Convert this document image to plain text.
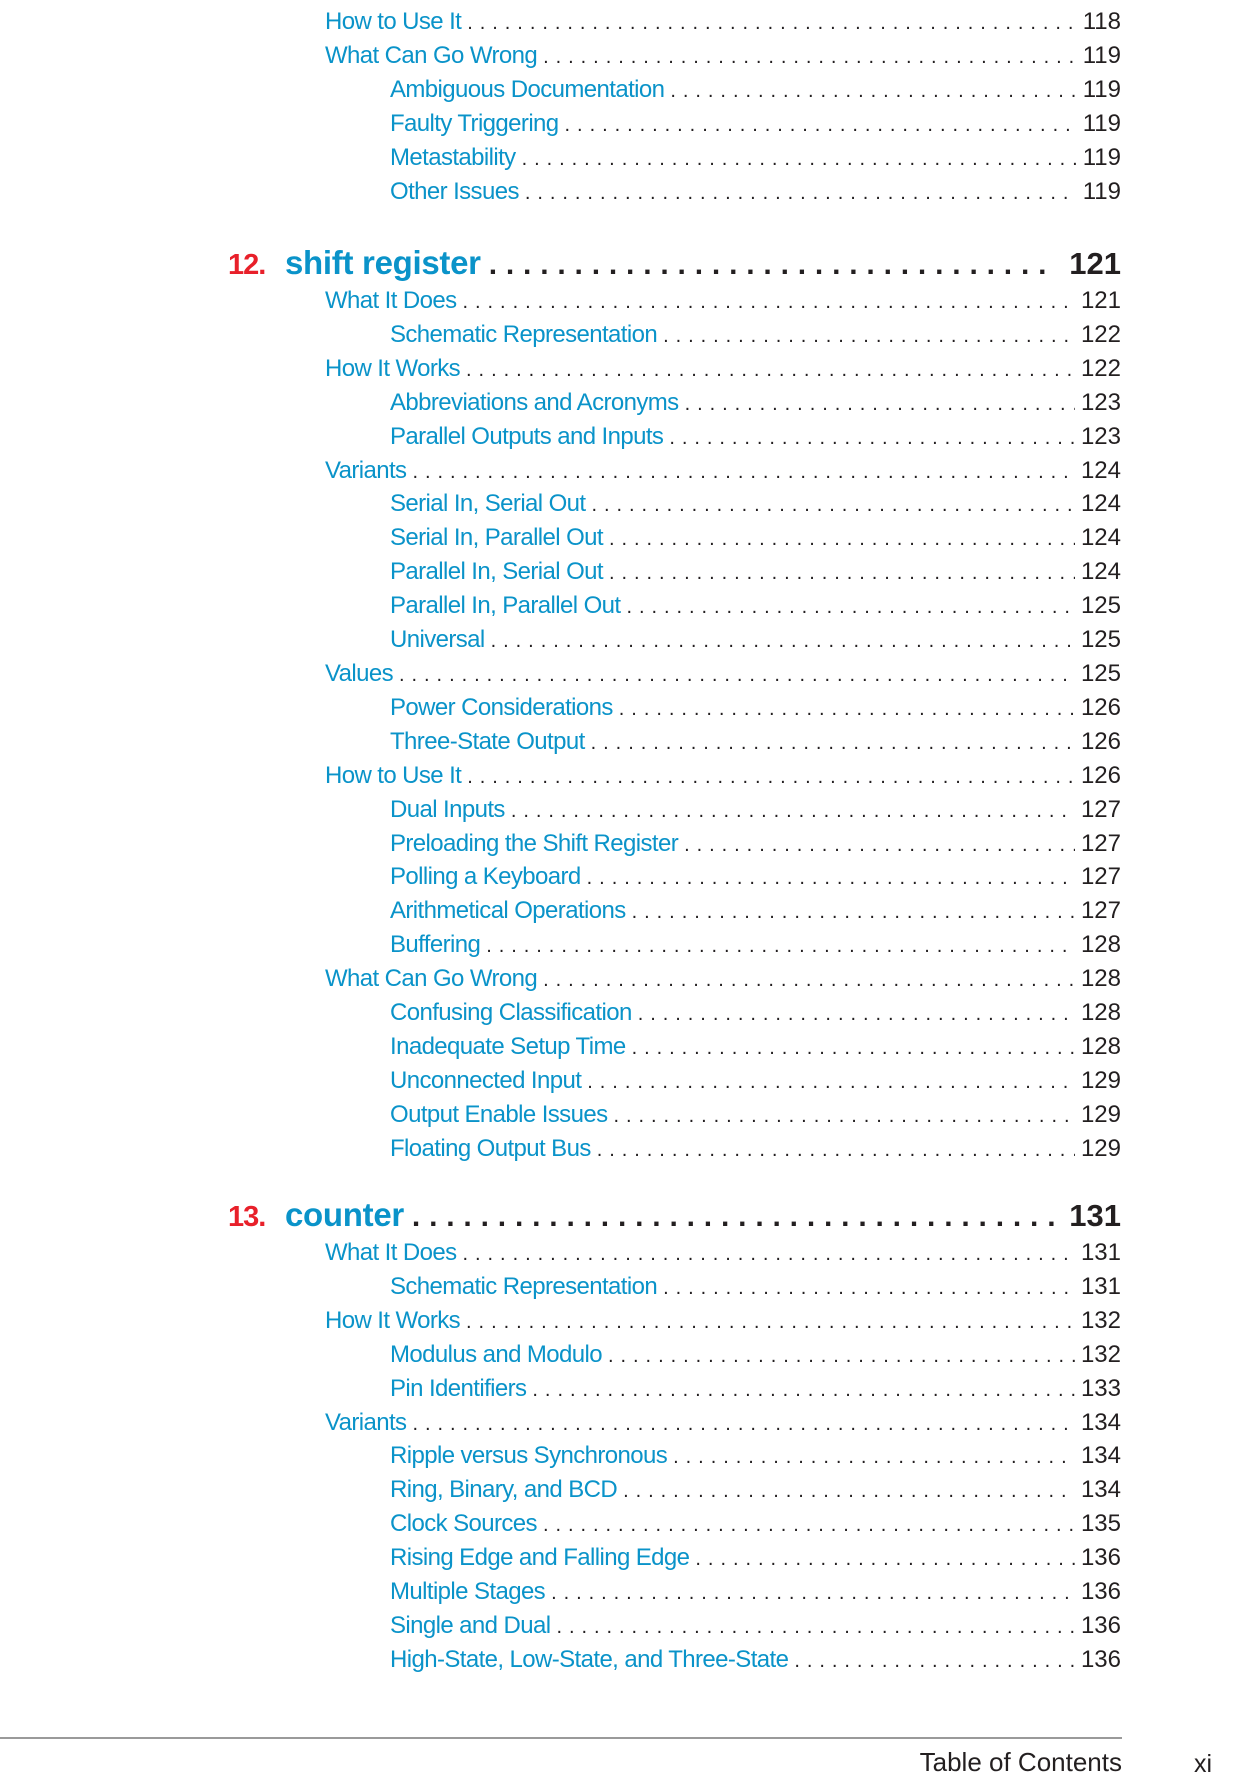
How to Use It . . .	118
What Can Go Wrong . . .	119
Ambiguous Documentation . . .	119
Faulty Triggering . . .	119
Metastability . . .	119
Other Issues . . .	119
12. shift register . . .	121
What It Does . . .	121
Schematic Representation . . .	122
How It Works . . .	122
Abbreviations and Acronyms . . .	123
Parallel Outputs and Inputs . . .	123
Variants . . .	124
Serial In, Serial Out . . .	124
Serial In, Parallel Out . . .	124
Parallel In, Serial Out . . .	124
Parallel In, Parallel Out . . .	125
Universal . . .	125
Values . . .	125
Power Considerations . . .	126
Three-State Output . . .	126
How to Use It . . .	126
Dual Inputs . . .	127
Preloading the Shift Register . . .	127
Polling a Keyboard . . .	127
Arithmetical Operations . . .	127
Buffering . . .	128
What Can Go Wrong . . .	128
Confusing Classification . . .	128
Inadequate Setup Time . . .	128
Unconnected Input . . .	129
Output Enable Issues . . .	129
Floating Output Bus . . .	129
13. counter . . .	131
What It Does . . .	131
Schematic Representation . . .	131
How It Works . . .	132
Modulus and Modulo . . .	132
Pin Identifiers . . .	133
Variants . . .	134
Ripple versus Synchronous . . .	134
Ring, Binary, and BCD . . .	134
Clock Sources . . .	135
Rising Edge and Falling Edge . . .	136
Multiple Stages . . .	136
Single and Dual . . .	136
High-State, Low-State, and Three-State . . .	136
Table of Contents	xi
